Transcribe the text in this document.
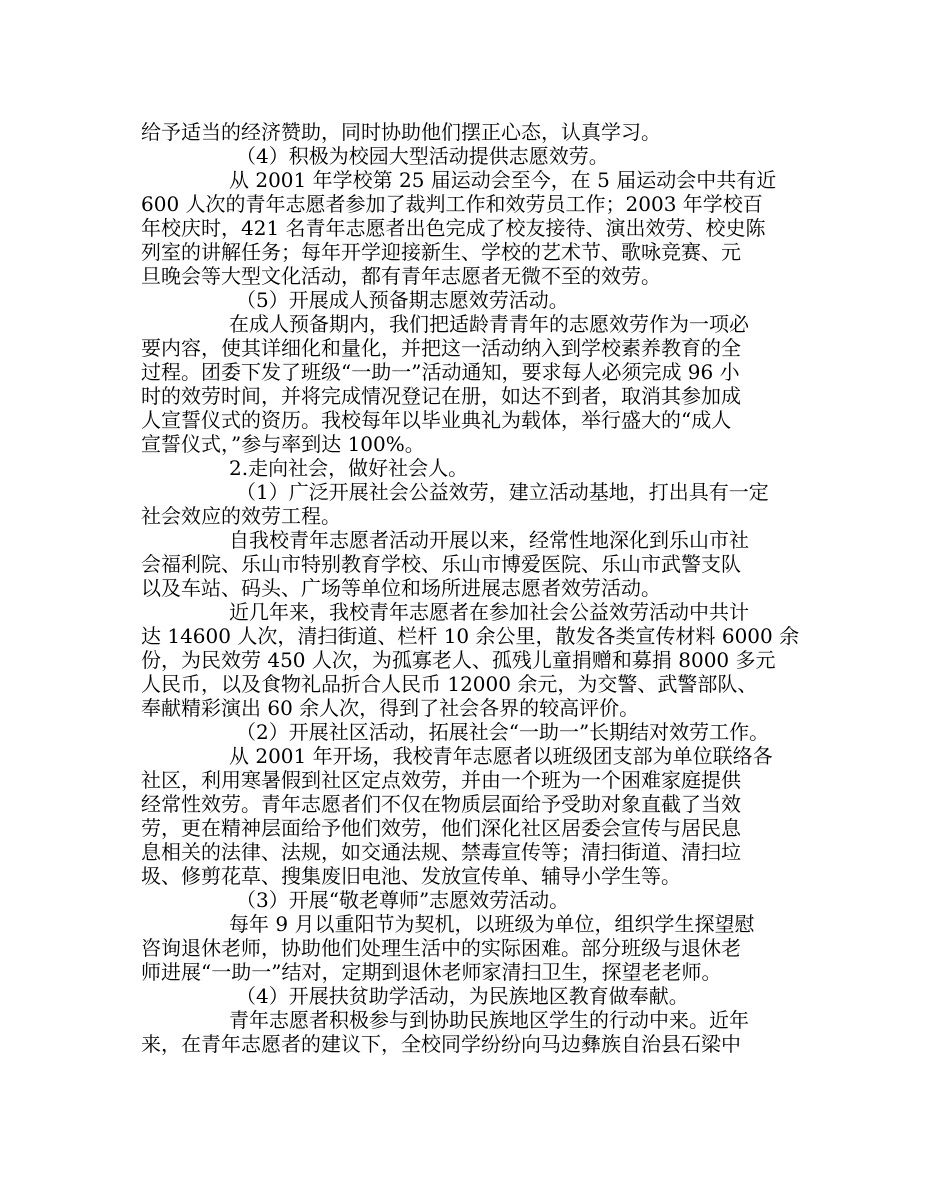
给予适当的经济赞助，同时协助他们摆正心态，认真学习。
（4）积极为校园大型活动提供志愿效劳。
从 2001 年学校第 25 届运动会至今，在 5 届运动会中共有近
600 人次的青年志愿者参加了裁判工作和效劳员工作；2003 年学校百
年校庆时，421 名青年志愿者出色完成了校友接待、演出效劳、校史陈
列室的讲解任务；每年开学迎接新生、学校的艺术节、歌咏竞赛、元
旦晚会等大型文化活动，都有青年志愿者无微不至的效劳。
（5）开展成人预备期志愿效劳活动。
在成人预备期内，我们把适龄青青年的志愿效劳作为一项必
要内容，使其详细化和量化，并把这一活动纳入到学校素养教育的全
过程。团委下发了班级“一助一”活动通知，要求每人必须完成 96 小
时的效劳时间，并将完成情况登记在册，如达不到者，取消其参加成
人宣誓仪式的资历。我校每年以毕业典礼为载体，举行盛大的“成人
宣誓仪式，”参与率到达 100%。
2.走向社会，做好社会人。
（1）广泛开展社会公益效劳，建立活动基地，打出具有一定
社会效应的效劳工程。
自我校青年志愿者活动开展以来，经常性地深化到乐山市社
会福利院、乐山市特别教育学校、乐山市博爱医院、乐山市武警支队
以及车站、码头、广场等单位和场所进展志愿者效劳活动。
近几年来，我校青年志愿者在参加社会公益效劳活动中共计
达 14600 人次，清扫街道、栏杆 10 余公里，散发各类宣传材料 6000 余
份，为民效劳 450 人次，为孤寡老人、孤残儿童捐赠和募捐 8000 多元
人民币，以及食物礼品折合人民币 12000 余元，为交警、武警部队、
奉献精彩演出 60 余人次，得到了社会各界的较高评价。
（2）开展社区活动，拓展社会“一助一”长期结对效劳工作。
从 2001 年开场，我校青年志愿者以班级团支部为单位联络各
社区，利用寒暑假到社区定点效劳，并由一个班为一个困难家庭提供
经常性效劳。青年志愿者们不仅在物质层面给予受助对象直截了当效
劳，更在精神层面给予他们效劳，他们深化社区居委会宣传与居民息
息相关的法律、法规，如交通法规、禁毒宣传等；清扫街道、清扫垃
圾、修剪花草、搜集废旧电池、发放宣传单、辅导小学生等。
（3）开展“敬老尊师”志愿效劳活动。
每年 9 月以重阳节为契机，以班级为单位，组织学生探望慰
咨询退休老师，协助他们处理生活中的实际困难。部分班级与退休老
师进展“一助一”结对，定期到退休老师家清扫卫生，探望老老师。
（4）开展扶贫助学活动，为民族地区教育做奉献。
青年志愿者积极参与到协助民族地区学生的行动中来。近年
来，在青年志愿者的建议下，全校同学纷纷向马边彝族自治县石梁中
